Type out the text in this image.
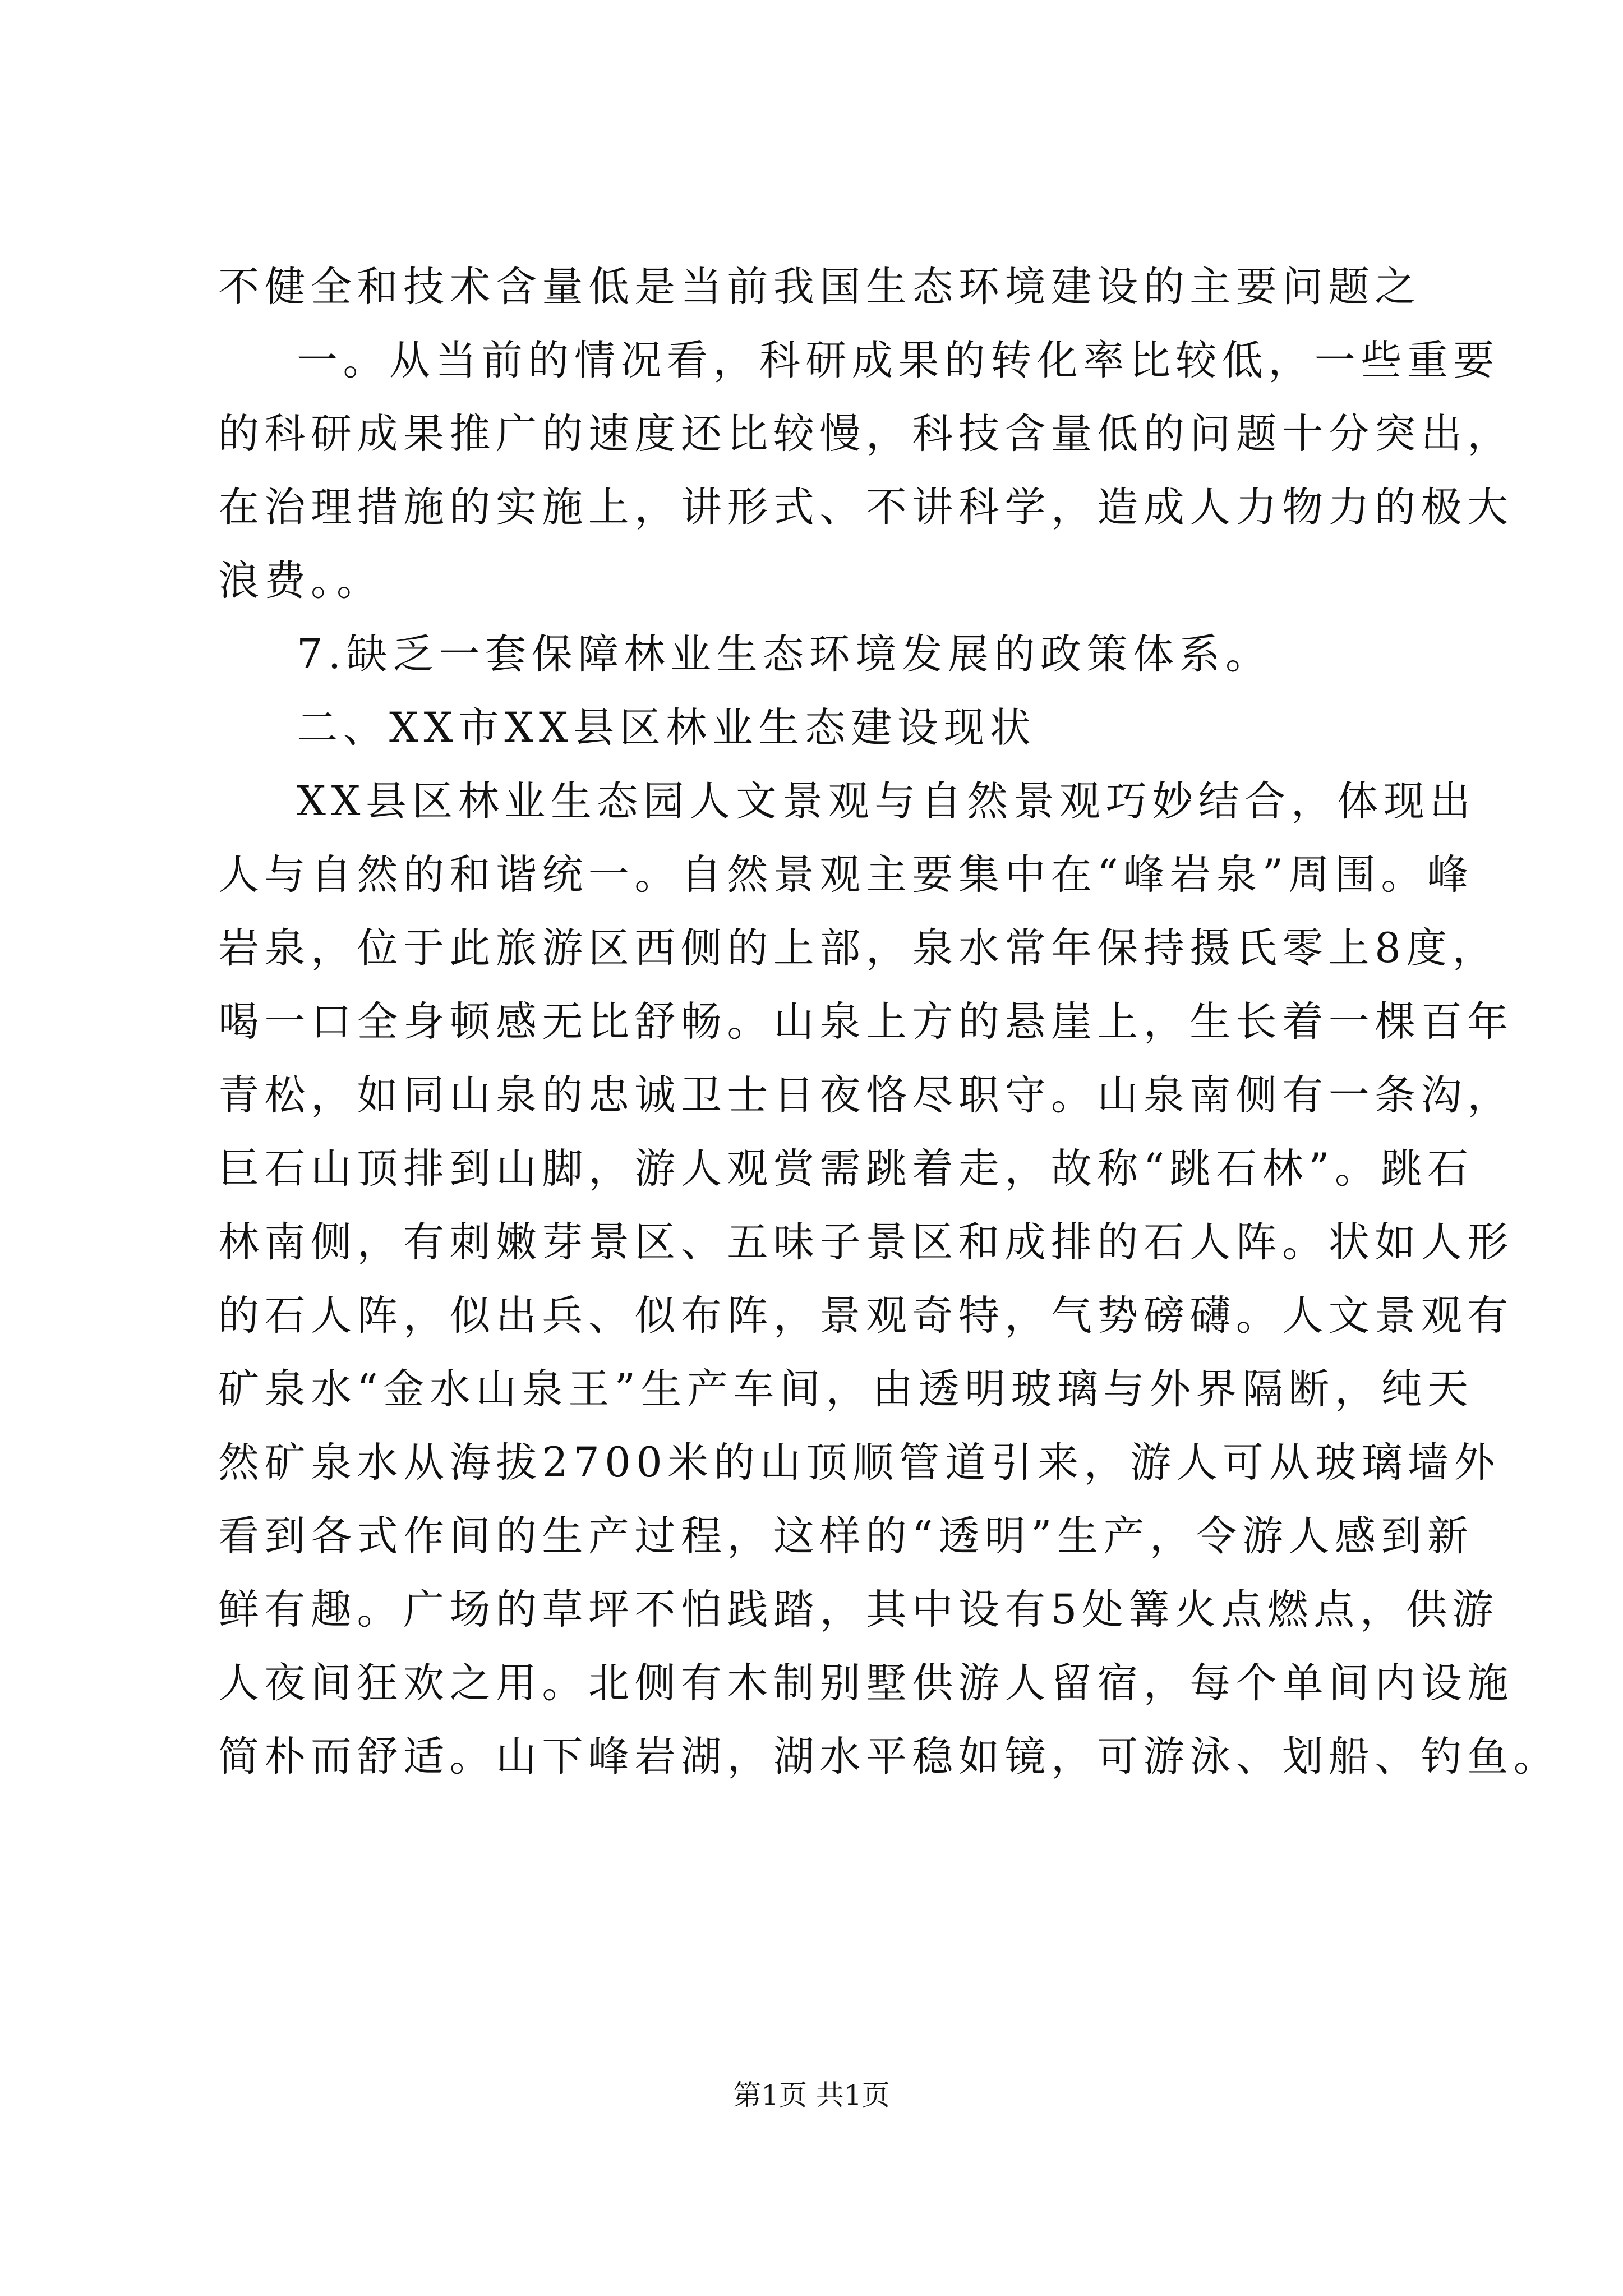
不健全和技术含量低是当前我国生态环境建设的主要问题之
一。从当前的情况看，科研成果的转化率比较低，一些重要
的科研成果推广的速度还比较慢，科技含量低的问题十分突出，
在治理措施的实施上，讲形式、不讲科学，造成人力物力的极大
浪费。。
7.缺乏一套保障林业生态环境发展的政策体系。
二、XX市XX县区林业生态建设现状
XX县区林业生态园人文景观与自然景观巧妙结合，体现出
人与自然的和谐统一。自然景观主要集中在“峰岩泉”周围。峰
岩泉，位于此旅游区西侧的上部，泉水常年保持摄氏零上8度，
喝一口全身顿感无比舒畅。山泉上方的悬崖上，生长着一棵百年
青松，如同山泉的忠诚卫士日夜恪尽职守。山泉南侧有一条沟，
巨石山顶排到山脚，游人观赏需跳着走，故称“跳石林”。跳石
林南侧，有刺嫩芽景区、五味子景区和成排的石人阵。状如人形
的石人阵，似出兵、似布阵，景观奇特，气势磅礴。人文景观有
矿泉水“金水山泉王”生产车间，由透明玻璃与外界隔断，纯天
然矿泉水从海拔2700米的山顶顺管道引来，游人可从玻璃墙外
看到各式作间的生产过程，这样的“透明”生产，令游人感到新
鲜有趣。广场的草坪不怕践踏，其中设有5处篝火点燃点，供游
人夜间狂欢之用。北侧有木制别墅供游人留宿，每个单间内设施
简朴而舒适。山下峰岩湖，湖水平稳如镜，可游泳、划船、钓鱼。
第1页 共1页
